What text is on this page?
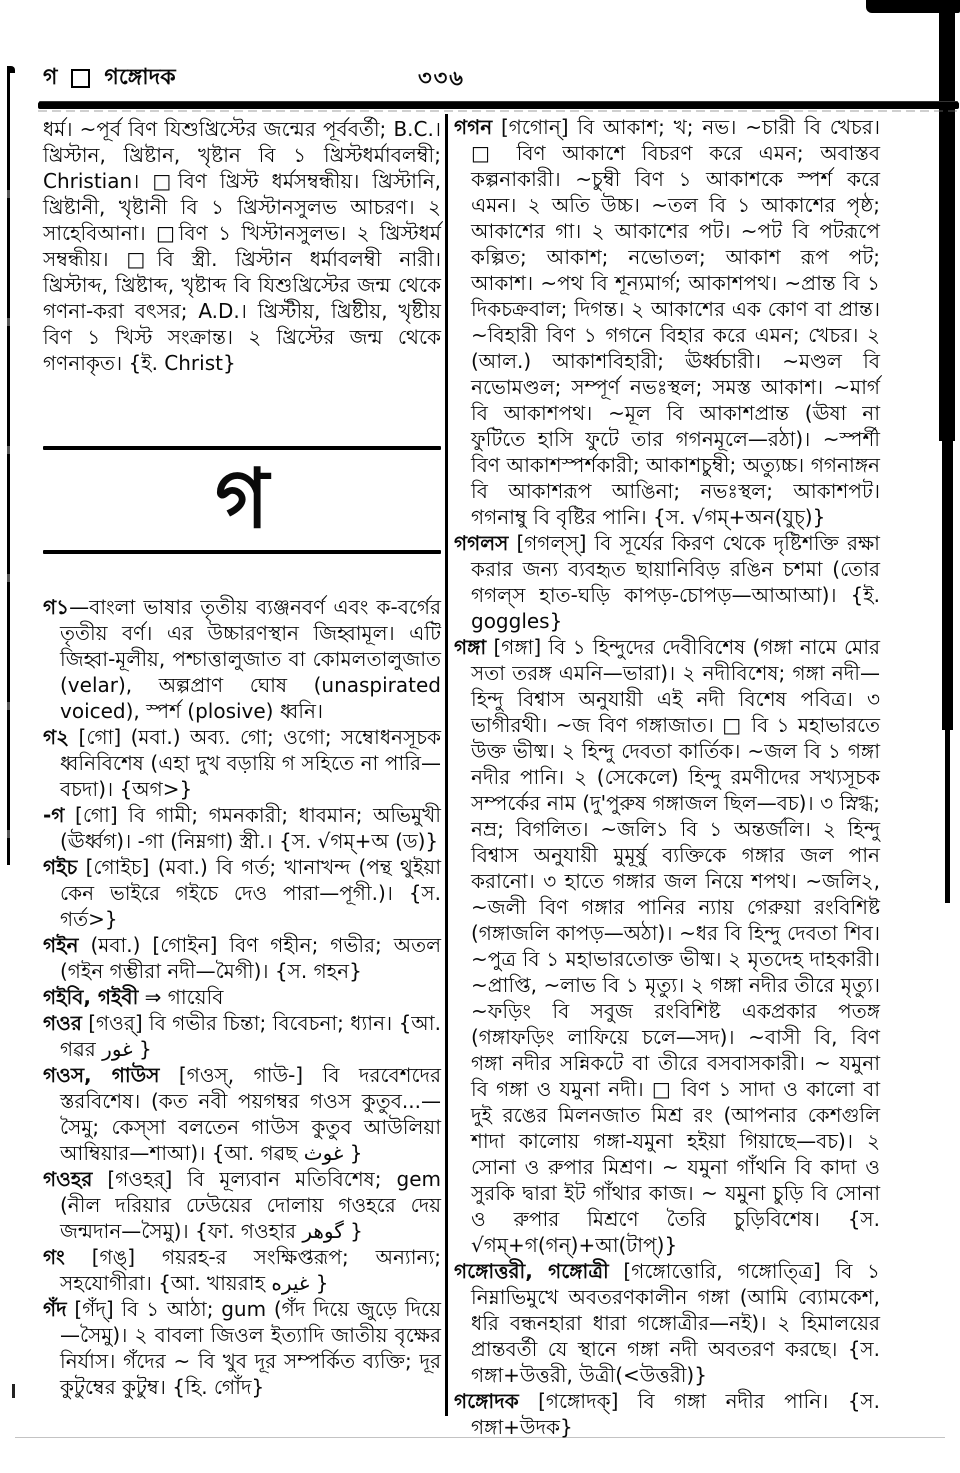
গ গঙ্গোদক	৩৩৬

ধর্ম। ~পূর্ব বিণ যিশুখ্রিস্টের জন্মের পূর্ববর্তী; B.C.। খ্রিস্টান, খ্রিষ্টান, খৃষ্টান বি ১ খ্রিস্টধর্মাবলম্বী; Christian। □বিণ খ্রিস্ট ধর্মসম্বন্ধীয়। খ্রিস্টানি, খ্রিষ্টানী, খৃষ্টানী বি ১ খ্রিস্টানসুলভ আচরণ। ২ সাহেবিআনা। □বিণ ১ খিস্টানসুলভ। ২ খ্রিস্টধর্ম সম্বন্ধীয়। □বি স্ত্রী. খ্রিস্টান ধর্মাবলম্বী নারী। খ্রিস্টাব্দ, খ্রিষ্টাব্দ, খৃষ্টাব্দ বি যিশুখ্রিস্টের জন্ম থেকে গণনা-করা বৎসর; A.D.। খ্রিস্টীয়, খ্রিষ্টীয়, খৃষ্টীয় বিণ ১ খিস্ট সংক্রান্ত। ২ খ্রিস্টের জন্ম থেকে গণনাকৃত। {ই. Christ}

গ

গ১—বাংলা ভাষার তৃতীয় ব্যঞ্জনবর্ণ এবং ক-বর্গের তৃতীয় বর্ণ। এর উচ্চারণস্থান জিহ্বামূল। এটি জিহ্বা-মূলীয়, পশ্চাত্তালুজাত বা কোমলতালুজাত (velar), অল্পপ্রাণ ঘোষ (unaspirated voiced), স্পর্শ (plosive) ধ্বনি।

গ২ [গো] (মবা.) অব্য. গো; ওগো; সম্বোধনসূচক ধ্বনিবিশেষ (এহা দুখ বড়ায়ি গ সহিতে না পারি—বচদা)। {অগ>}

-গ [গো] বি গামী; গমনকারী; ধাবমান; অভিমুখী (ঊর্ধ্বগ)। -গা (নিম্নগা) স্ত্রী.। {স. √গম্+অ (ড)}

গইচ [গোইচ] (মবা.) বি গর্ত; খানাখন্দ (পন্থ থুইয়া কেন ভাইরে গইচে দেও পারা—পূগী.)। {স. গর্ত>}

গইন (মবা.) [গোইন] বিণ গহীন; গভীর; অতল (গইন গম্ভীরা নদী—মৈগী)। {স. গহন}

গইবি, গইবী ⇒ গায়েবি

গওর [গওর্] বি গভীর চিন্তা; বিবেচনা; ধ্যান। {আ. গৱর غور }

গওস, গাউস [গওস্, গাউ-] বি দরবেশদের স্তরবিশেষ। (কত নবী পয়গম্বর গওস কুতুব...—সৈমু; কেস্সা বলতেন গাউস কুতুব আউলিয়া আম্বিয়ার—শাআ)। {আ. গৱছ غوث }

গওহর [গওহর্] বি মূল্যবান মতিবিশেষ; gem (নীল দরিয়ার ঢেউয়ের দোলায় গওহরে দেয় জন্মদান—সৈমু)। {ফা. গওহার گوهر }

গং [গঙ্] গয়রহ-র সংক্ষিপ্তরূপ; অন্যান্য; সহযোগীরা। {আ. খায়রাহ غيره }

গঁদ [গঁদ্] বি ১ আঠা; gum (গঁদ দিয়ে জুড়ে দিয়ে—সৈমু)। ২ বাবলা জিওল ইত্যাদি জাতীয় বৃক্ষের নির্যাস। গঁদের ~ বি খুব দূর সম্পর্কিত ব্যক্তি; দূর কুটুম্বের কুটুম্ব। {হি. গোঁদ}

গগন [গগোন্] বি আকাশ; খ; নভ। ~চারী বি খেচর। □ বিণ আকাশে বিচরণ করে এমন; অবাস্তব কল্পনাকারী। ~চুম্বী বিণ ১ আকাশকে স্পর্শ করে এমন। ২ অতি উচ্চ। ~তল বি ১ আকাশের পৃষ্ঠ; আকাশের গা। ২ আকাশের পট। ~পট বি পটরূপে কল্পিত; আকাশ; নভোতল; আকাশ রূপ পট; আকাশ। ~পথ বি শূন্যমার্গ; আকাশপথ। ~প্রান্ত বি ১ দিকচক্রবাল; দিগন্ত। ২ আকাশের এক কোণ বা প্রান্ত। ~বিহারী বিণ ১ গগনে বিহার করে এমন; খেচর। ২ (আল.) আকাশবিহারী; ঊর্ধ্বচারী। ~মণ্ডল বি নভোমণ্ডল; সম্পূর্ণ নভঃস্থল; সমস্ত আকাশ। ~মার্গ বি আকাশপথ। ~মূল বি আকাশপ্রান্ত (ঊষা না ফুটিতে হাসি ফুটে তার গগনমূলে—রঠা)। ~স্পর্শী বিণ আকাশস্পর্শকারী; আকাশচুম্বী; অত্যুচ্চ। গগনাঙ্গন বি আকাশরূপ আঙিনা; নভঃস্থল; আকাশপট। গগনাম্বু বি বৃষ্টির পানি। {স. √গম্+অন(যুচ্)}

গগলস [গগল্স্] বি সূর্যের কিরণ থেকে দৃষ্টিশক্তি রক্ষা করার জন্য ব্যবহৃত ছায়ানিবিড় রঙিন চশমা (তোর গগল্স হাত-ঘড়ি কাপড়-চোপড়—আআআ)। {ই. goggles}

গঙ্গা [গঙ্গা] বি ১ হিন্দুদের দেবীবিশেষ (গঙ্গা নামে মোর সতা তরঙ্গ এমনি—ভারা)। ২ নদীবিশেষ; গঙ্গা নদী—হিন্দু বিশ্বাস অনুযায়ী এই নদী বিশেষ পবিত্র। ৩ ভাগীরথী। ~জ বিণ গঙ্গাজাত। □ বি ১ মহাভারতে উক্ত ভীষ্ম। ২ হিন্দু দেবতা কার্তিক। ~জল বি ১ গঙ্গা নদীর পানি। ২ (সেকেলে) হিন্দু রমণীদের সখ্যসূচক সম্পর্কের নাম (দু'পুরুষ গঙ্গাজল ছিল—বচ)। ৩ স্নিগ্ধ; নম্র; বিগলিত। ~জলি১ বি ১ অন্তর্জলি। ২ হিন্দু বিশ্বাস অনুযায়ী মুমূর্ষু ব্যক্তিকে গঙ্গার জল পান করানো। ৩ হাতে গঙ্গার জল নিয়ে শপথ। ~জলি২, ~জলী বিণ গঙ্গার পানির ন্যায় গেরুয়া রংবিশিষ্ট (গঙ্গাজলি কাপড়—অঠা)। ~ধর বি হিন্দু দেবতা শিব। ~পুত্র বি ১ মহাভারতোক্ত ভীষ্ম। ২ মৃতদেহ দাহকারী। ~প্রাপ্তি, ~লাভ বি ১ মৃত্যু। ২ গঙ্গা নদীর তীরে মৃত্যু। ~ফড়িং বি সবুজ রংবিশিষ্ট একপ্রকার পতঙ্গ (গঙ্গাফড়িং লাফিয়ে চলে—সদ)। ~বাসী বি, বিণ গঙ্গা নদীর সন্নিকটে বা তীরে বসবাসকারী। ~ যমুনা বি গঙ্গা ও যমুনা নদী। □ বিণ ১ সাদা ও কালো বা দুই রঙের মিলনজাত মিশ্র রং (আপনার কেশগুলি শাদা কালোয় গঙ্গা-যমুনা হইয়া গিয়াছে—বচ)। ২ সোনা ও রুপার মিশ্রণ। ~ যমুনা গাঁথনি বি কাদা ও সুরকি দ্বারা ইট গাঁথার কাজ। ~ যমুনা চুড়ি বি সোনা ও রুপার মিশ্রণে তৈরি চুড়িবিশেষ। {স. √গম্+গ(গন্)+আ(টাপ্)}

গঙ্গোত্তরী, গঙ্গোত্রী [গঙ্গোত্তোরি, গঙ্গোত্ত্রি] বি ১ নিম্নাভিমুখে অবতরণকালীন গঙ্গা (আমি ব্যোমকেশ, ধরি বন্ধনহারা ধারা গঙ্গোত্রীর—নই)। ২ হিমালয়ের প্রান্তবর্তী যে স্থানে গঙ্গা নদী অবতরণ করছে। {স. গঙ্গা+উত্তরী, উত্রী(<উত্তরী)}

গঙ্গোদক [গঙ্গোদক্] বি গঙ্গা নদীর পানি। {স. গঙ্গা+উদক}
